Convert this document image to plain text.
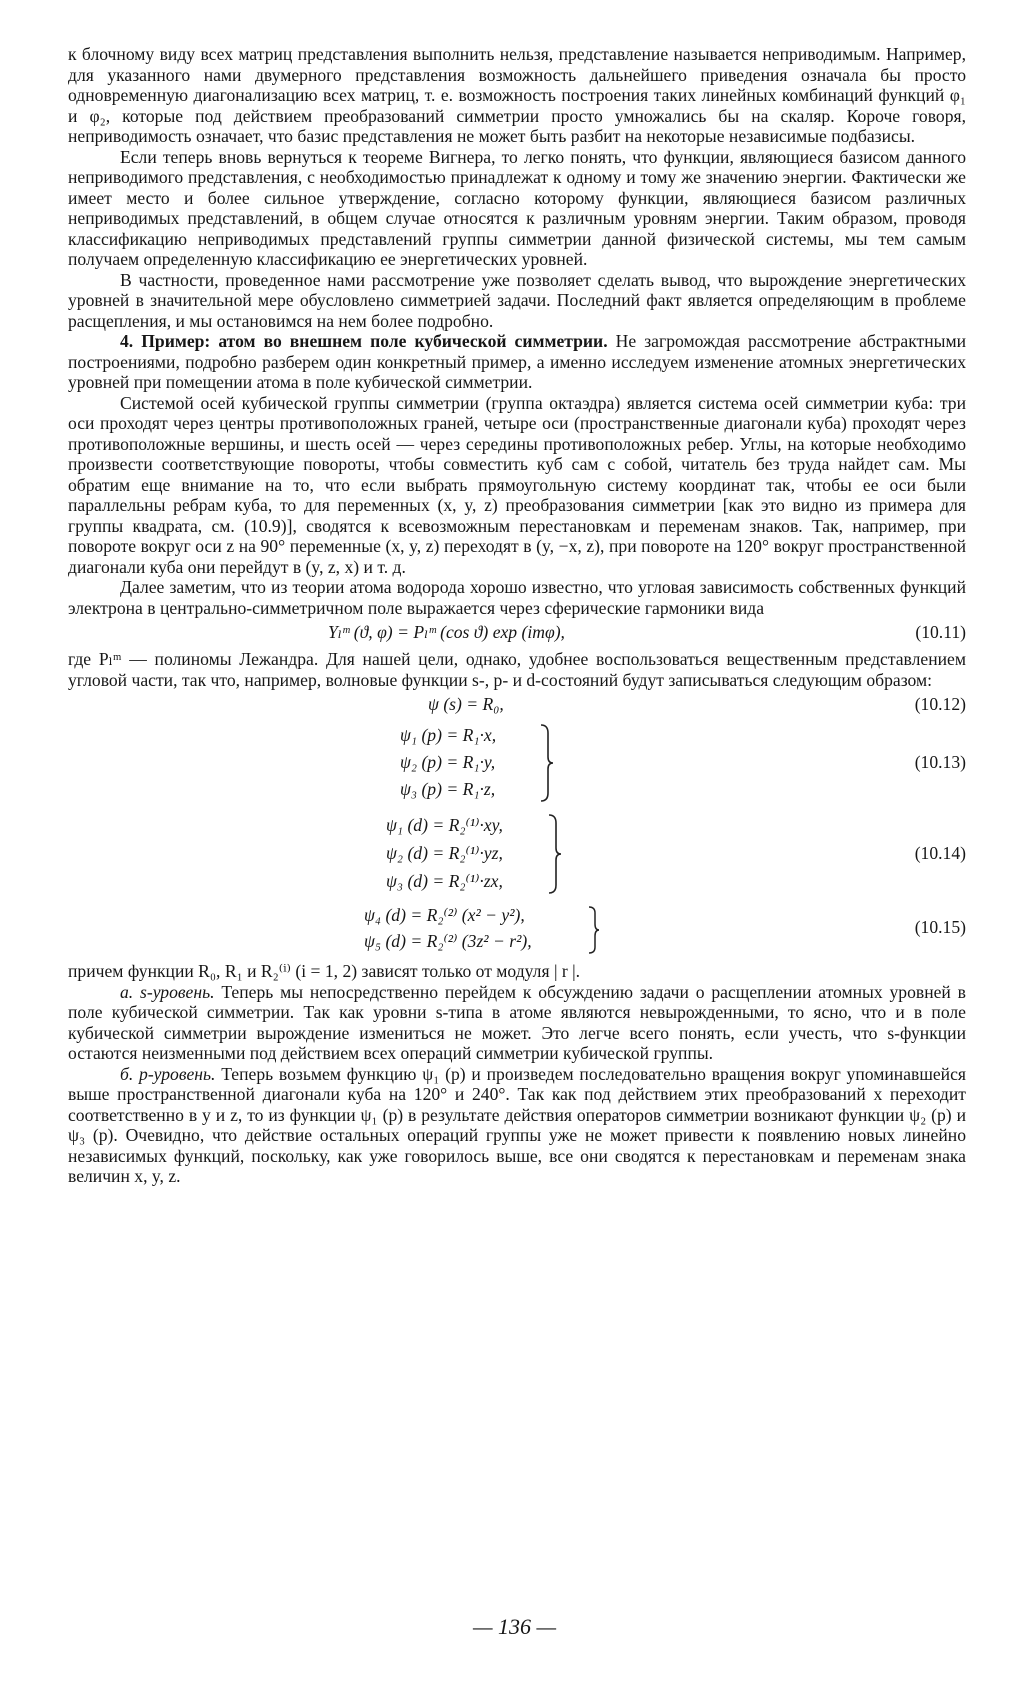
к блочному виду всех матриц представления выполнить нельзя, представление называется неприводимым. Например, для указанного нами двумерного представления возможность дальнейшего приведения означала бы просто одновременную диагонализацию всех матриц, т. е. возможность построения таких линейных комбинаций функций φ₁ и φ₂, которые под действием преобразований симметрии просто умножались бы на скаляр. Короче говоря, неприводимость означает, что базис представления не может быть разбит на некоторые независимые подбазисы.

Если теперь вновь вернуться к теореме Вигнера, то легко понять, что функции, являющиеся базисом данного неприводимого представления, с необходимостью принадлежат к одному и тому же значению энергии. Фактически же имеет место и более сильное утверждение, согласно которому функции, являющиеся базисом различных неприводимых представлений, в общем случае относятся к различным уровням энергии. Таким образом, проводя классификацию неприводимых представлений группы симметрии данной физической системы, мы тем самым получаем определенную классификацию ее энергетических уровней.

В частности, проведенное нами рассмотрение уже позволяет сделать вывод, что вырождение энергетических уровней в значительной мере обусловлено симметрией задачи. Последний факт является определяющим в проблеме расщепления, и мы остановимся на нем более подробно.

4. Пример: атом во внешнем поле кубической симметрии. Не загромождая рассмотрение абстрактными построениями, подробно разберем один конкретный пример, а именно исследуем изменение атомных энергетических уровней при помещении атома в поле кубической симметрии.

Системой осей кубической группы симметрии (группа октаэдра) является система осей симметрии куба: три оси проходят через центры противоположных граней, четыре оси (пространственные диагонали куба) проходят через противоположные вершины, и шесть осей — через середины противоположных ребер. Углы, на которые необходимо произвести соответствующие повороты, чтобы совместить куб сам с собой, читатель без труда найдет сам. Мы обратим еще внимание на то, что если выбрать прямоугольную систему координат так, чтобы ее оси были параллельны ребрам куба, то для переменных (x, y, z) преобразования симметрии [как это видно из примера для группы квадрата, см. (10.9)], сводятся к всевозможным перестановкам и переменам знаков. Так, например, при повороте вокруг оси z на 90° переменные (x, y, z) переходят в (y, −x, z), при повороте на 120° вокруг пространственной диагонали куба они перейдут в (y, z, x) и т. д.

Далее заметим, что из теории атома водорода хорошо известно, что угловая зависимость собственных функций электрона в центрально-симметричном поле выражается через сферические гармоники вида

Yₗᵐ (ϑ, φ) = Pₗᵐ (cos ϑ) exp (imφ),	(10.11)

где Pₗᵐ — полиномы Лежандра. Для нашей цели, однако, удобнее воспользоваться вещественным представлением угловой части, так что, например, волновые функции s-, p- и d-состояний будут записываться следующим образом:

ψ (s) = R₀,	(10.12)
ψ₁ (p) = R₁·x,
ψ₂ (p) = R₁·y,
ψ₃ (p) = R₁·z,
(10.13)
ψ₁ (d) = R₂⁽¹⁾·xy,
ψ₂ (d) = R₂⁽¹⁾·yz,
ψ₃ (d) = R₂⁽¹⁾·zx,
(10.14)
ψ₄ (d) = R₂⁽²⁾ (x² − y²),
ψ₅ (d) = R₂⁽²⁾ (3z² − r²),
(10.15)

причем функции R₀, R₁ и R₂⁽ⁱ⁾ (i = 1, 2) зависят только от модуля | r |.

а. s-уровень. Теперь мы непосредственно перейдем к обсуждению задачи о расщеплении атомных уровней в поле кубической симметрии. Так как уровни s-типа в атоме являются невырожденными, то ясно, что и в поле кубической симметрии вырождение измениться не может. Это легче всего понять, если учесть, что s-функции остаются неизменными под действием всех операций симметрии кубической группы.

б. p-уровень. Теперь возьмем функцию ψ₁ (p) и произведем последовательно вращения вокруг упоминавшейся выше пространственной диагонали куба на 120° и 240°. Так как под действием этих преобразований x переходит соответственно в y и z, то из функции ψ₁ (p) в результате действия операторов симметрии возникают функции ψ₂ (p) и ψ₃ (p). Очевидно, что действие остальных операций группы уже не может привести к появлению новых линейно независимых функций, поскольку, как уже говорилось выше, все они сводятся к перестановкам и переменам знака величин x, y, z.

— 136 —
